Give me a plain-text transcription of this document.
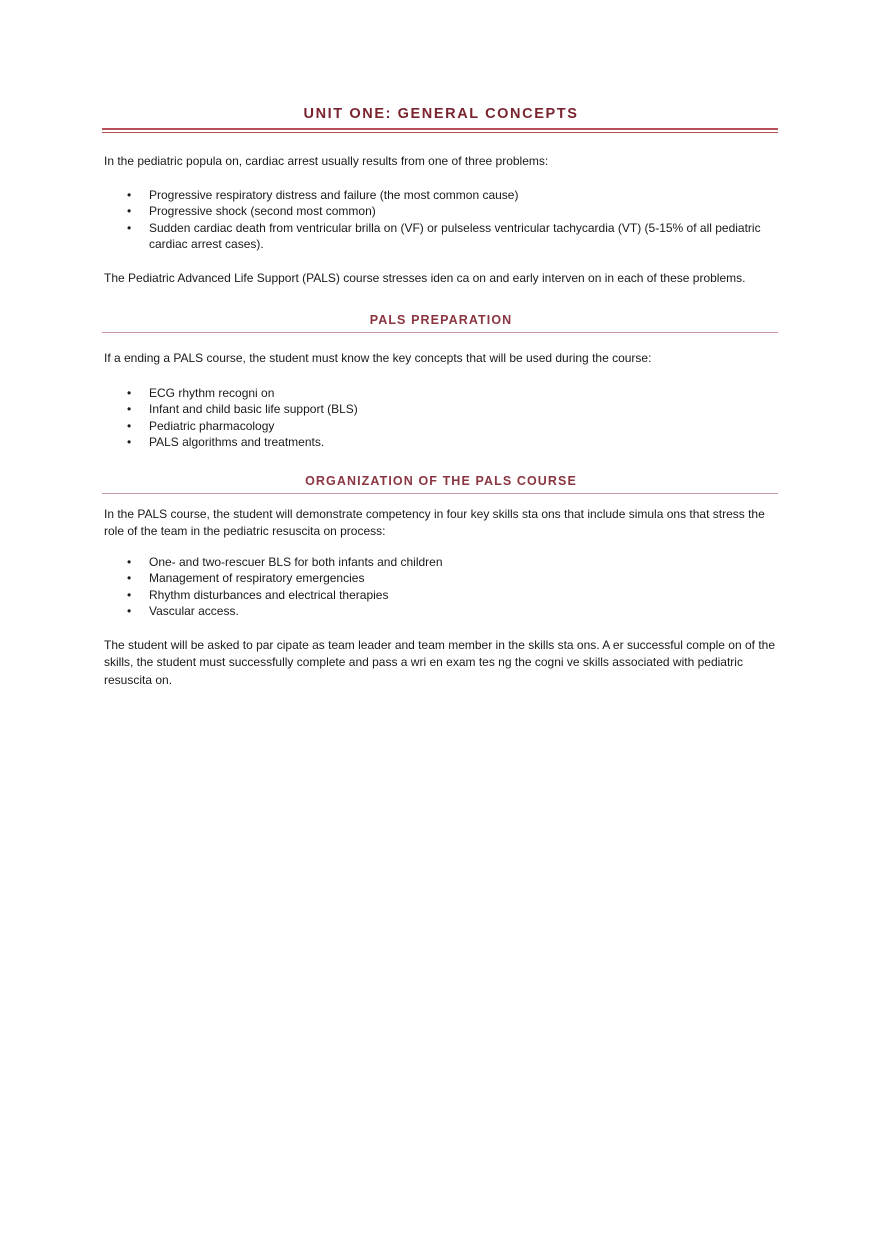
UNIT ONE: GENERAL CONCEPTS

In the pediatric popula on, cardiac arrest usually results from one of three problems:

• Progressive respiratory distress and failure (the most common cause)
• Progressive shock (second most common)
• Sudden cardiac death from ventricular brilla on (VF) or pulseless ventricular tachycardia (VT) (5-15% of all pediatric cardiac arrest cases).

The Pediatric Advanced Life Support (PALS) course stresses iden ca on and early interven on in each of these problems.

PALS PREPARATION

If a ending a PALS course, the student must know the key concepts that will be used during the course:

• ECG rhythm recogni on
• Infant and child basic life support (BLS)
• Pediatric pharmacology
• PALS algorithms and treatments.
ORGANIZATION OF THE PALS COURSE

In the PALS course, the student will demonstrate competency in four key skills sta ons that include simula ons that stress the role of the team in the pediatric resuscita on process:

• One- and two-rescuer BLS for both infants and children
• Management of respiratory emergencies
• Rhythm disturbances and electrical therapies
• Vascular access.

The student will be asked to par cipate as team leader and team member in the skills sta ons. A er successful comple on of the skills, the student must successfully complete and pass a wri en exam tes ng the cogni ve skills associated with pediatric resuscita on.
